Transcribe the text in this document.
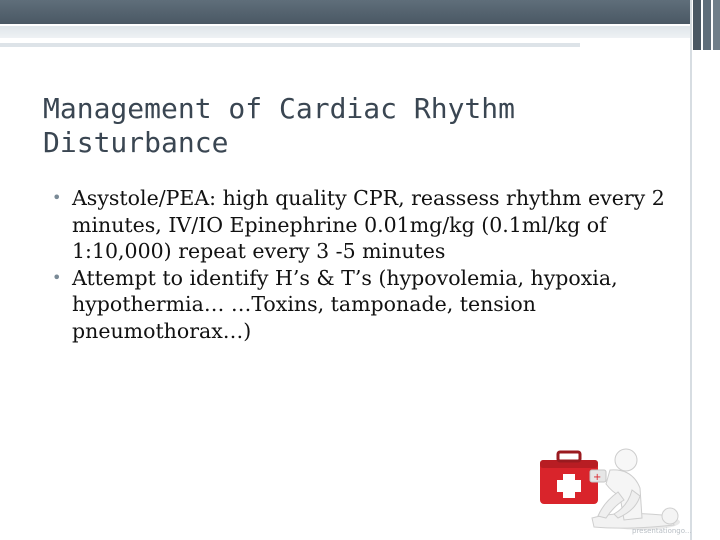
Management of Cardiac Rhythm Disturbance
• Asystole/PEA: high quality CPR, reassess rhythm every 2 minutes, IV/IO Epinephrine 0.01mg/kg (0.1ml/kg of 1:10,000) repeat every 3 -5 minutes
• Attempt to identify H’s & T’s (hypovolemia, hypoxia, hypothermia… …Toxins, tamponade, tension pneumothorax…)
+
presentationgo...
